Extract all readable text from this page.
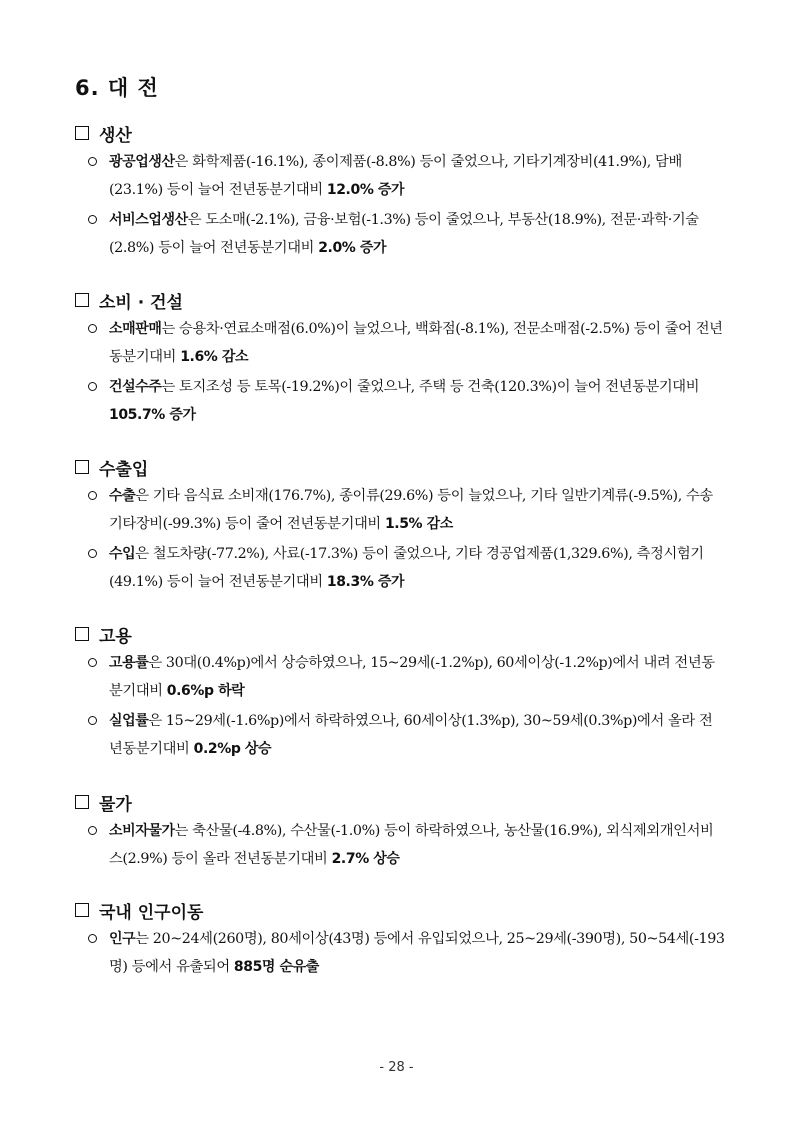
6. 대 전
생산
광공업생산은 화학제품(-16.1%), 종이제품(-8.8%) 등이 줄었으나, 기타기계장비(41.9%), 담배(23.1%) 등이 늘어 전년동분기대비 12.0% 증가
서비스업생산은 도소매(-2.1%), 금융·보험(-1.3%) 등이 줄었으나, 부동산(18.9%), 전문·과학·기술(2.8%) 등이 늘어 전년동분기대비 2.0% 증가
소비 · 건설
소매판매는 승용차·연료소매점(6.0%)이 늘었으나, 백화점(-8.1%), 전문소매점(-2.5%) 등이 줄어 전년동분기대비 1.6% 감소
건설수주는 토지조성 등 토목(-19.2%)이 줄었으나, 주택 등 건축(120.3%)이 늘어 전년동분기대비 105.7% 증가
수출입
수출은 기타 음식료 소비재(176.7%), 종이류(29.6%) 등이 늘었으나, 기타 일반기계류(-9.5%), 수송 기타장비(-99.3%) 등이 줄어 전년동분기대비 1.5% 감소
수입은 철도차량(-77.2%), 사료(-17.3%) 등이 줄었으나, 기타 경공업제품(1,329.6%), 측정시험기(49.1%) 등이 늘어 전년동분기대비 18.3% 증가
고용
고용률은 30대(0.4%p)에서 상승하였으나, 15~29세(-1.2%p), 60세이상(-1.2%p)에서 내려 전년동분기대비 0.6%p 하락
실업률은 15~29세(-1.6%p)에서 하락하였으나, 60세이상(1.3%p), 30~59세(0.3%p)에서 올라 전년동분기대비 0.2%p 상승
물가
소비자물가는 축산물(-4.8%), 수산물(-1.0%) 등이 하락하였으나, 농산물(16.9%), 외식제외개인서비스(2.9%) 등이 올라 전년동분기대비 2.7% 상승
국내 인구이동
인구는 20~24세(260명), 80세이상(43명) 등에서 유입되었으나, 25~29세(-390명), 50~54세(-193명) 등에서 유출되어 885명 순유출
- 28 -
